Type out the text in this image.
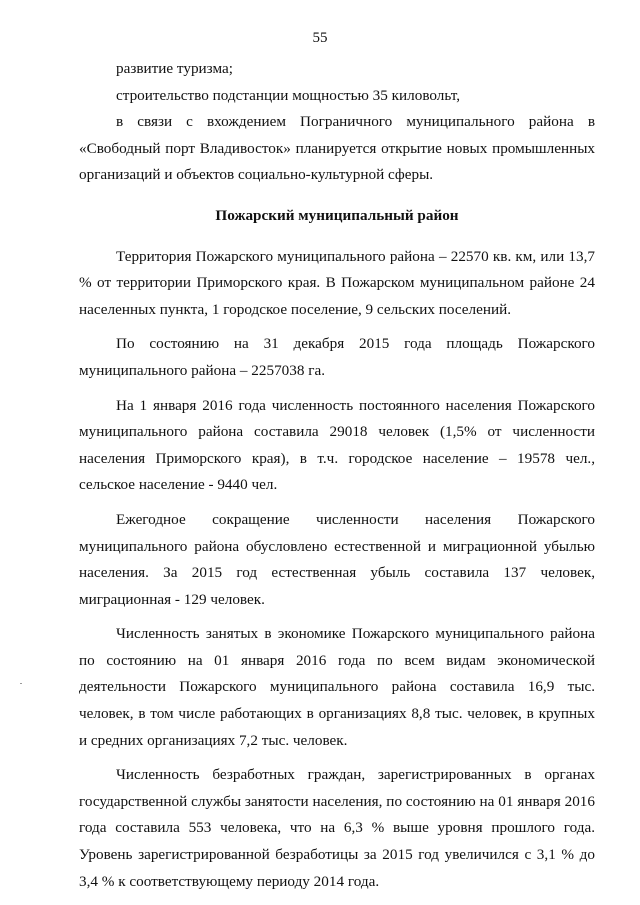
55

развитие туризма;

строительство подстанции мощностью 35 киловольт,

в связи с вхождением Пограничного муниципального района в «Свободный порт Владивосток» планируется открытие новых промышленных организаций и объектов социально-культурной сферы.

Пожарский муниципальный район

Территория Пожарского муниципального района – 22570 кв. км, или 13,7 % от территории Приморского края. В Пожарском муниципальном районе 24 населенных пункта, 1 городское поселение, 9 сельских поселений.

По состоянию на 31 декабря 2015 года площадь Пожарского муниципального района – 2257038 га.

На 1 января 2016 года численность постоянного населения Пожарского муниципального района составила 29018 человек (1,5% от численности населения Приморского края), в т.ч. городское население – 19578 чел., сельское население - 9440 чел.

Ежегодное сокращение численности населения Пожарского муниципального района обусловлено естественной и миграционной убылью населения. За 2015 год естественная убыль составила 137 человек, миграционная - 129 человек.

Численность занятых в экономике Пожарского муниципального района по состоянию на 01 января 2016 года по всем видам экономической деятельности Пожарского муниципального района составила 16,9 тыс. человек, в том числе работающих в организациях 8,8 тыс. человек, в крупных и средних организациях 7,2 тыс. человек.

Численность безработных граждан, зарегистрированных в органах государственной службы занятости населения, по состоянию на 01 января 2016 года составила 553 человека, что на 6,3 % выше уровня прошлого года. Уровень зарегистрированной безработицы за 2015 год увеличился с 3,1 % до 3,4 % к соответствующему периоду 2014 года.
